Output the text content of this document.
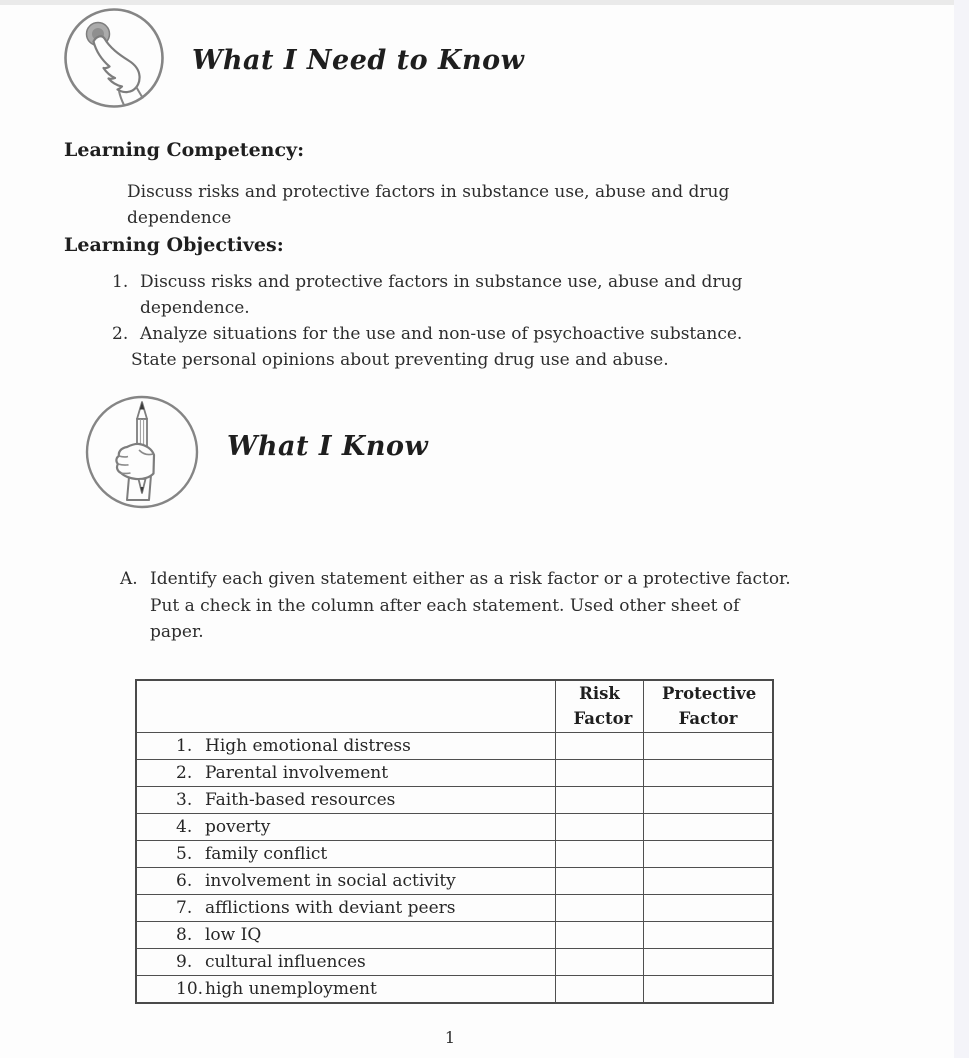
What I Need to Know
Learning Competency:
Discuss risks and protective factors in substance use, abuse and drug
dependence
Learning Objectives:
1. Discuss risks and protective factors in substance use, abuse and drug
dependence.
2. Analyze situations for the use and non-use of psychoactive substance.
State personal opinions about preventing drug use and abuse.
What I Know
A. Identify each given statement either as a risk factor or a protective factor.
Put a check in the column after each statement. Used other sheet of
paper.

	Risk Factor	Protective Factor

1. High emotional distress		
2. Parental involvement		
3. Faith-based resources		
4. poverty		
5. family conflict		
6. involvement in social activity		
7. afflictions with deviant peers		
8. low IQ		
9. cultural influences		
10. high unemployment		
1
